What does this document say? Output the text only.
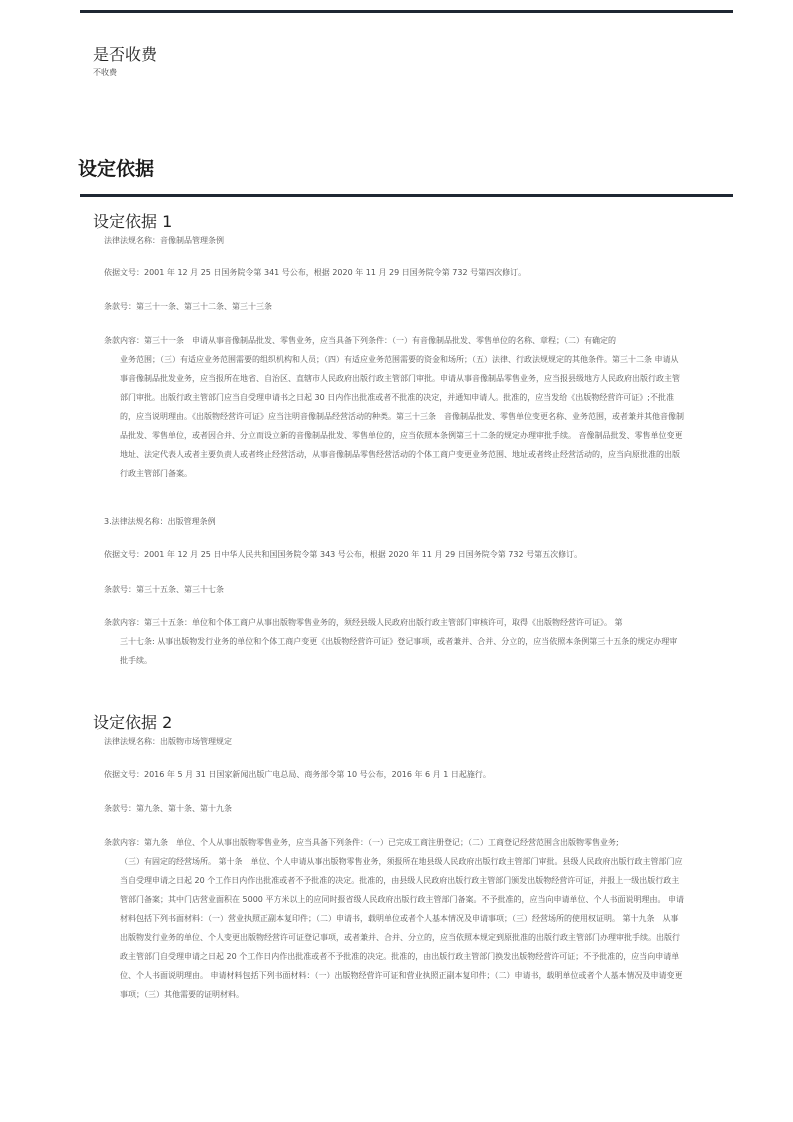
是否收费
不收费
设定依据
设定依据 1
法律法规名称：音像制品管理条例
依据文号：2001 年 12 月 25 日国务院令第 341 号公布，根据 2020 年 11 月 29 日国务院令第 732 号第四次修订。
条款号：第三十一条、第三十二条、第三十三条
条款内容：第三十一条　申请从事音像制品批发、零售业务，应当具备下列条件：（一）有音像制品批发、零售单位的名称、章程；（二）有确定的
业务范围；（三）有适应业务范围需要的组织机构和人员；（四）有适应业务范围需要的资金和场所；（五）法律、行政法规规定的其他条件。第三十二条 申请从事音像制品批发业务，应当报所在地省、自治区、直辖市人民政府出版行政主管部门审批。申请从事音像制品零售业务，应当报县级地方人民政府出版行政主管部门审批。出版行政主管部门应当自受理申请书之日起 30 日内作出批准或者不批准的决定，并通知申请人。批准的，应当发给《出版物经营许可证》;不批准的，应当说明理由。《出版物经营许可证》应当注明音像制品经营活动的种类。第三十三条　音像制品批发、零售单位变更名称、业务范围，或者兼并其他音像制品批发、零售单位，或者因合并、分立而设立新的音像制品批发、零售单位的，应当依照本条例第三十二条的规定办理审批手续。 音像制品批发、零售单位变更地址、法定代表人或者主要负责人或者终止经营活动，从事音像制品零售经营活动的个体工商户变更业务范围、地址或者终止经营活动的，应当向原批准的出版行政主管部门备案。
3.法律法规名称：出版管理条例
依据文号：2001 年 12 月 25 日中华人民共和国国务院令第 343 号公布，根据 2020 年 11 月 29 日国务院令第 732 号第五次修订。
条款号：第三十五条、第三十七条
条款内容：第三十五条：单位和个体工商户从事出版物零售业务的，须经县级人民政府出版行政主管部门审核许可，取得《出版物经营许可证》。 第
三十七条: 从事出版物发行业务的单位和个体工商户变更《出版物经营许可证》登记事项，或者兼并、合并、分立的，应当依照本条例第三十五条的规定办理审批手续。
设定依据 2
法律法规名称：出版物市场管理规定
依据文号：2016 年 5 月 31 日国家新闻出版广电总局、商务部令第 10 号公布，2016 年 6 月 1 日起施行。
条款号：第九条、第十条、第十九条
条款内容：第九条　单位、个人从事出版物零售业务，应当具备下列条件：（一）已完成工商注册登记；（二）工商登记经营范围含出版物零售业务;
（三）有固定的经营场所。 第十条　单位、个人申请从事出版物零售业务，须报所在地县级人民政府出版行政主管部门审批。县级人民政府出版行政主管部门应当自受理申请之日起 20 个工作日内作出批准或者不予批准的决定。批准的，由县级人民政府出版行政主管部门颁发出版物经营许可证，并报上一级出版行政主管部门备案；其中门店营业面积在 5000 平方米以上的应同时报省级人民政府出版行政主管部门备案。不予批准的，应当向申请单位、个人书面说明理由。 申请材料包括下列书面材料：（一）营业执照正副本复印件；（二）申请书，载明单位或者个人基本情况及申请事项；（三）经营场所的使用权证明。 第十九条　从事出版物发行业务的单位、个人变更出版物经营许可证登记事项，或者兼并、合并、分立的，应当依照本规定到原批准的出版行政主管部门办理审批手续。出版行政主管部门自受理申请之日起 20 个工作日内作出批准或者不予批准的决定。批准的，由出版行政主管部门换发出版物经营许可证；不予批准的，应当向申请单位、个人书面说明理由。 申请材料包括下列书面材料：（一）出版物经营许可证和营业执照正副本复印件；（二）申请书，载明单位或者个人基本情况及申请变更事项；（三）其他需要的证明材料。
